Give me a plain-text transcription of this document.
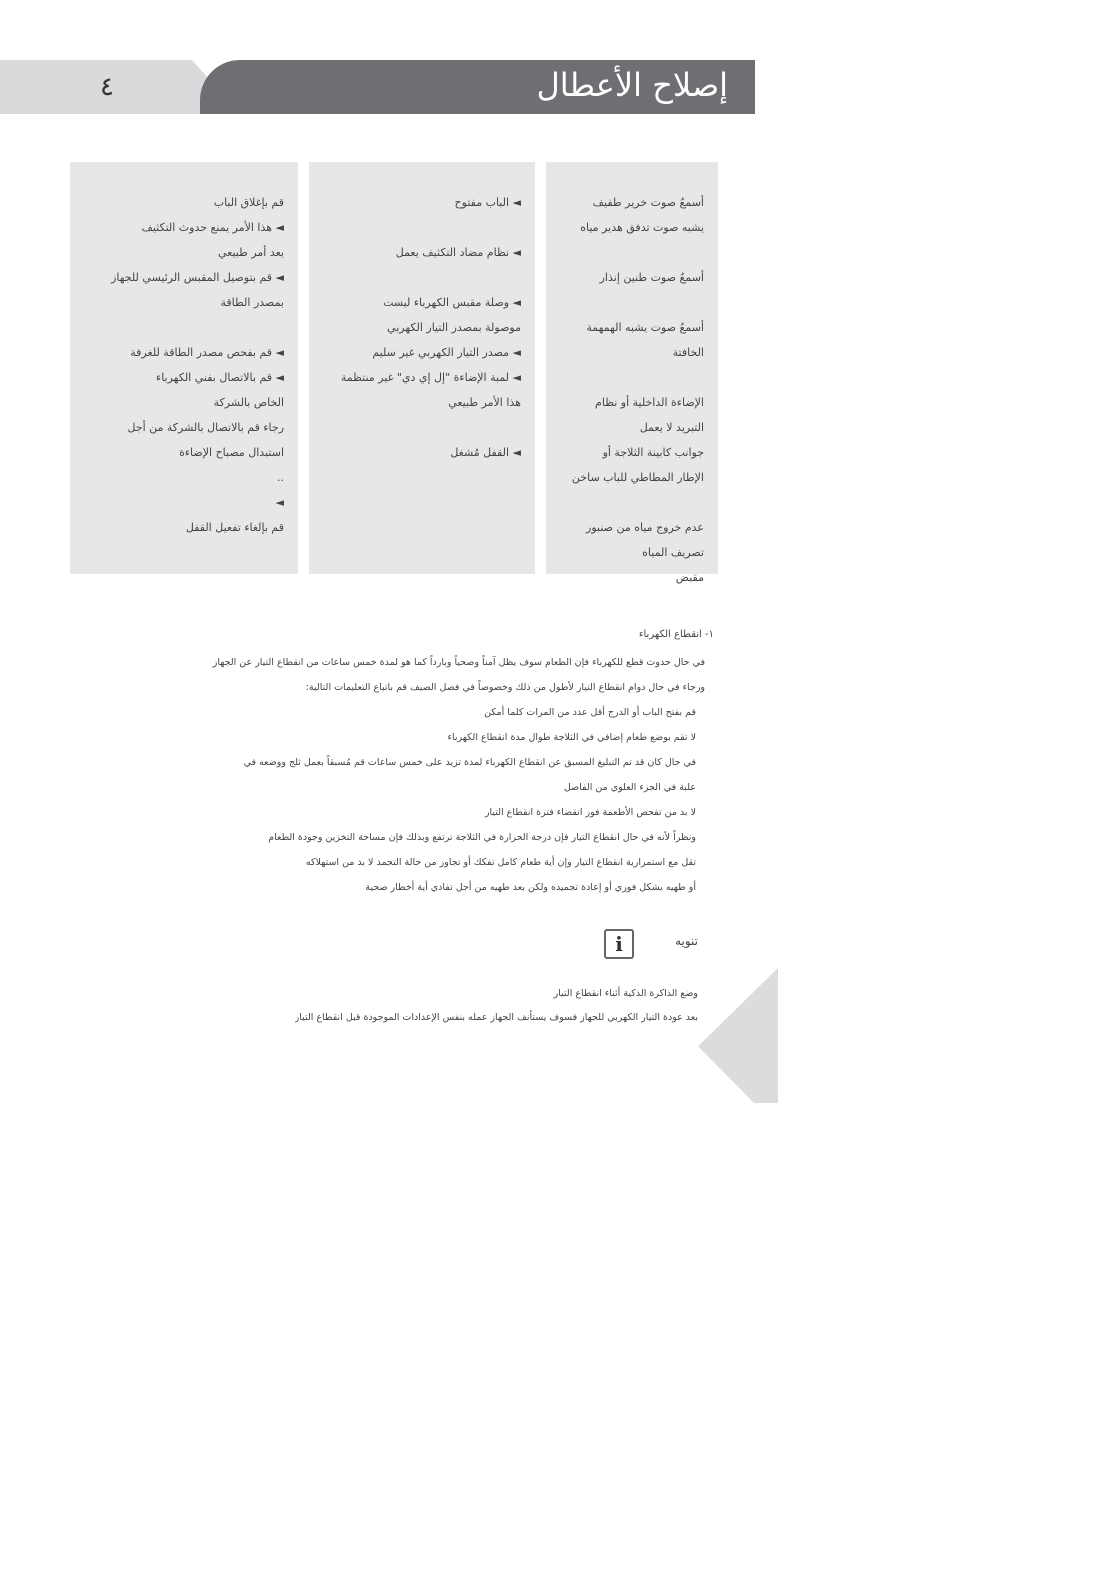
إصلاح الأعطال
٤
أسمعُ صوت خرير طفيف
يشبه صوت تدفق هدير مياه
أسمعُ صوت طنين إنذار
أسمعُ صوت يشبه الهمهمة
الخافتة
الإضاءة الداخلية أو نظام
التبريد لا يعمل
جوانب كابينة الثلاجة أو
الإطار المطاطي للباب ساخن
عدم خروج مياه من صنبور
تصريف المياه
مقبض
◄ الباب مفتوح
◄ نظام مضاد التكثيف يعمل
◄ وصلة مقبس الكهرباء ليست
موصولة بمصدر التيار الكهربي
◄ مصدر التيار الكهربي غير سليم
◄ لمبة الإضاءة "إل إي دي" غير منتظمة
هذا الأمر طبيعي
◄ القفل مُشغل
قم بإغلاق الباب
◄ هذا الأمر يمنع حدوث التكثيف
يعد أمر طبيعي
◄ قم بتوصيل المقبس الرئيسي للجهاز
بمصدر الطاقة
◄ قم بفحص مصدر الطاقة للغرفة
◄ قم بالاتصال بفني الكهرباء
الخاص بالشركة
رجاء قم بالاتصال بالشركة من أجل
استبدال مصباح الإضاءة
..
◄
قم بإلغاء تفعيل القفل
١- انقطاع الكهرباء
في حال حدوث قطع للكهرباء فإن الطعام سوف يظل آمناً وصحياً وبارداً كما هو لمدة خمس ساعات من انقطاع التيار عن الجهاز
ورجاء في حال دوام انقطاع التيار لأطول من ذلك وخصوصاً في فصل الصيف قم باتباع التعليمات التالية:
قم بفتح الباب أو الدرج أقل عدد من المرات كلما أمكن
لا تقم بوضع طعام إضافي في الثلاجة طوال مدة انقطاع الكهرباء
في حال كان قد تم التبليغ المسبق عن انقطاع الكهرباء لمدة تزيد على خمس ساعات قم مُسبقاً بعمل ثلج ووضعه في
علبة في الجزء العلوي من الفاصل
لا بد من تفحص الأطعمة فور انقضاء فترة انقطاع التيار
ونظراً لأنه في حال انقطاع التيار فإن درجة الحرارة في الثلاجة ترتفع وبذلك فإن مساحة التخزين وجودة الطعام
تقل مع استمرارية انقطاع التيار وإن أية طعام كامل تفكك أو تجاوز من حالة التجمد لا بد من استهلاكه
أو طهيه بشكل فوري أو إعادة تجميده ولكن بعد طهيه من أجل تفادي أية أخطار صحية
i	تنويه
وضع الذاكرة الذكية أثناء انقطاع التيار
بعد عودة التيار الكهربي للجهاز فسوف يستأنف الجهاز عمله بنفس الإعدادات الموجودة قبل انقطاع التيار
